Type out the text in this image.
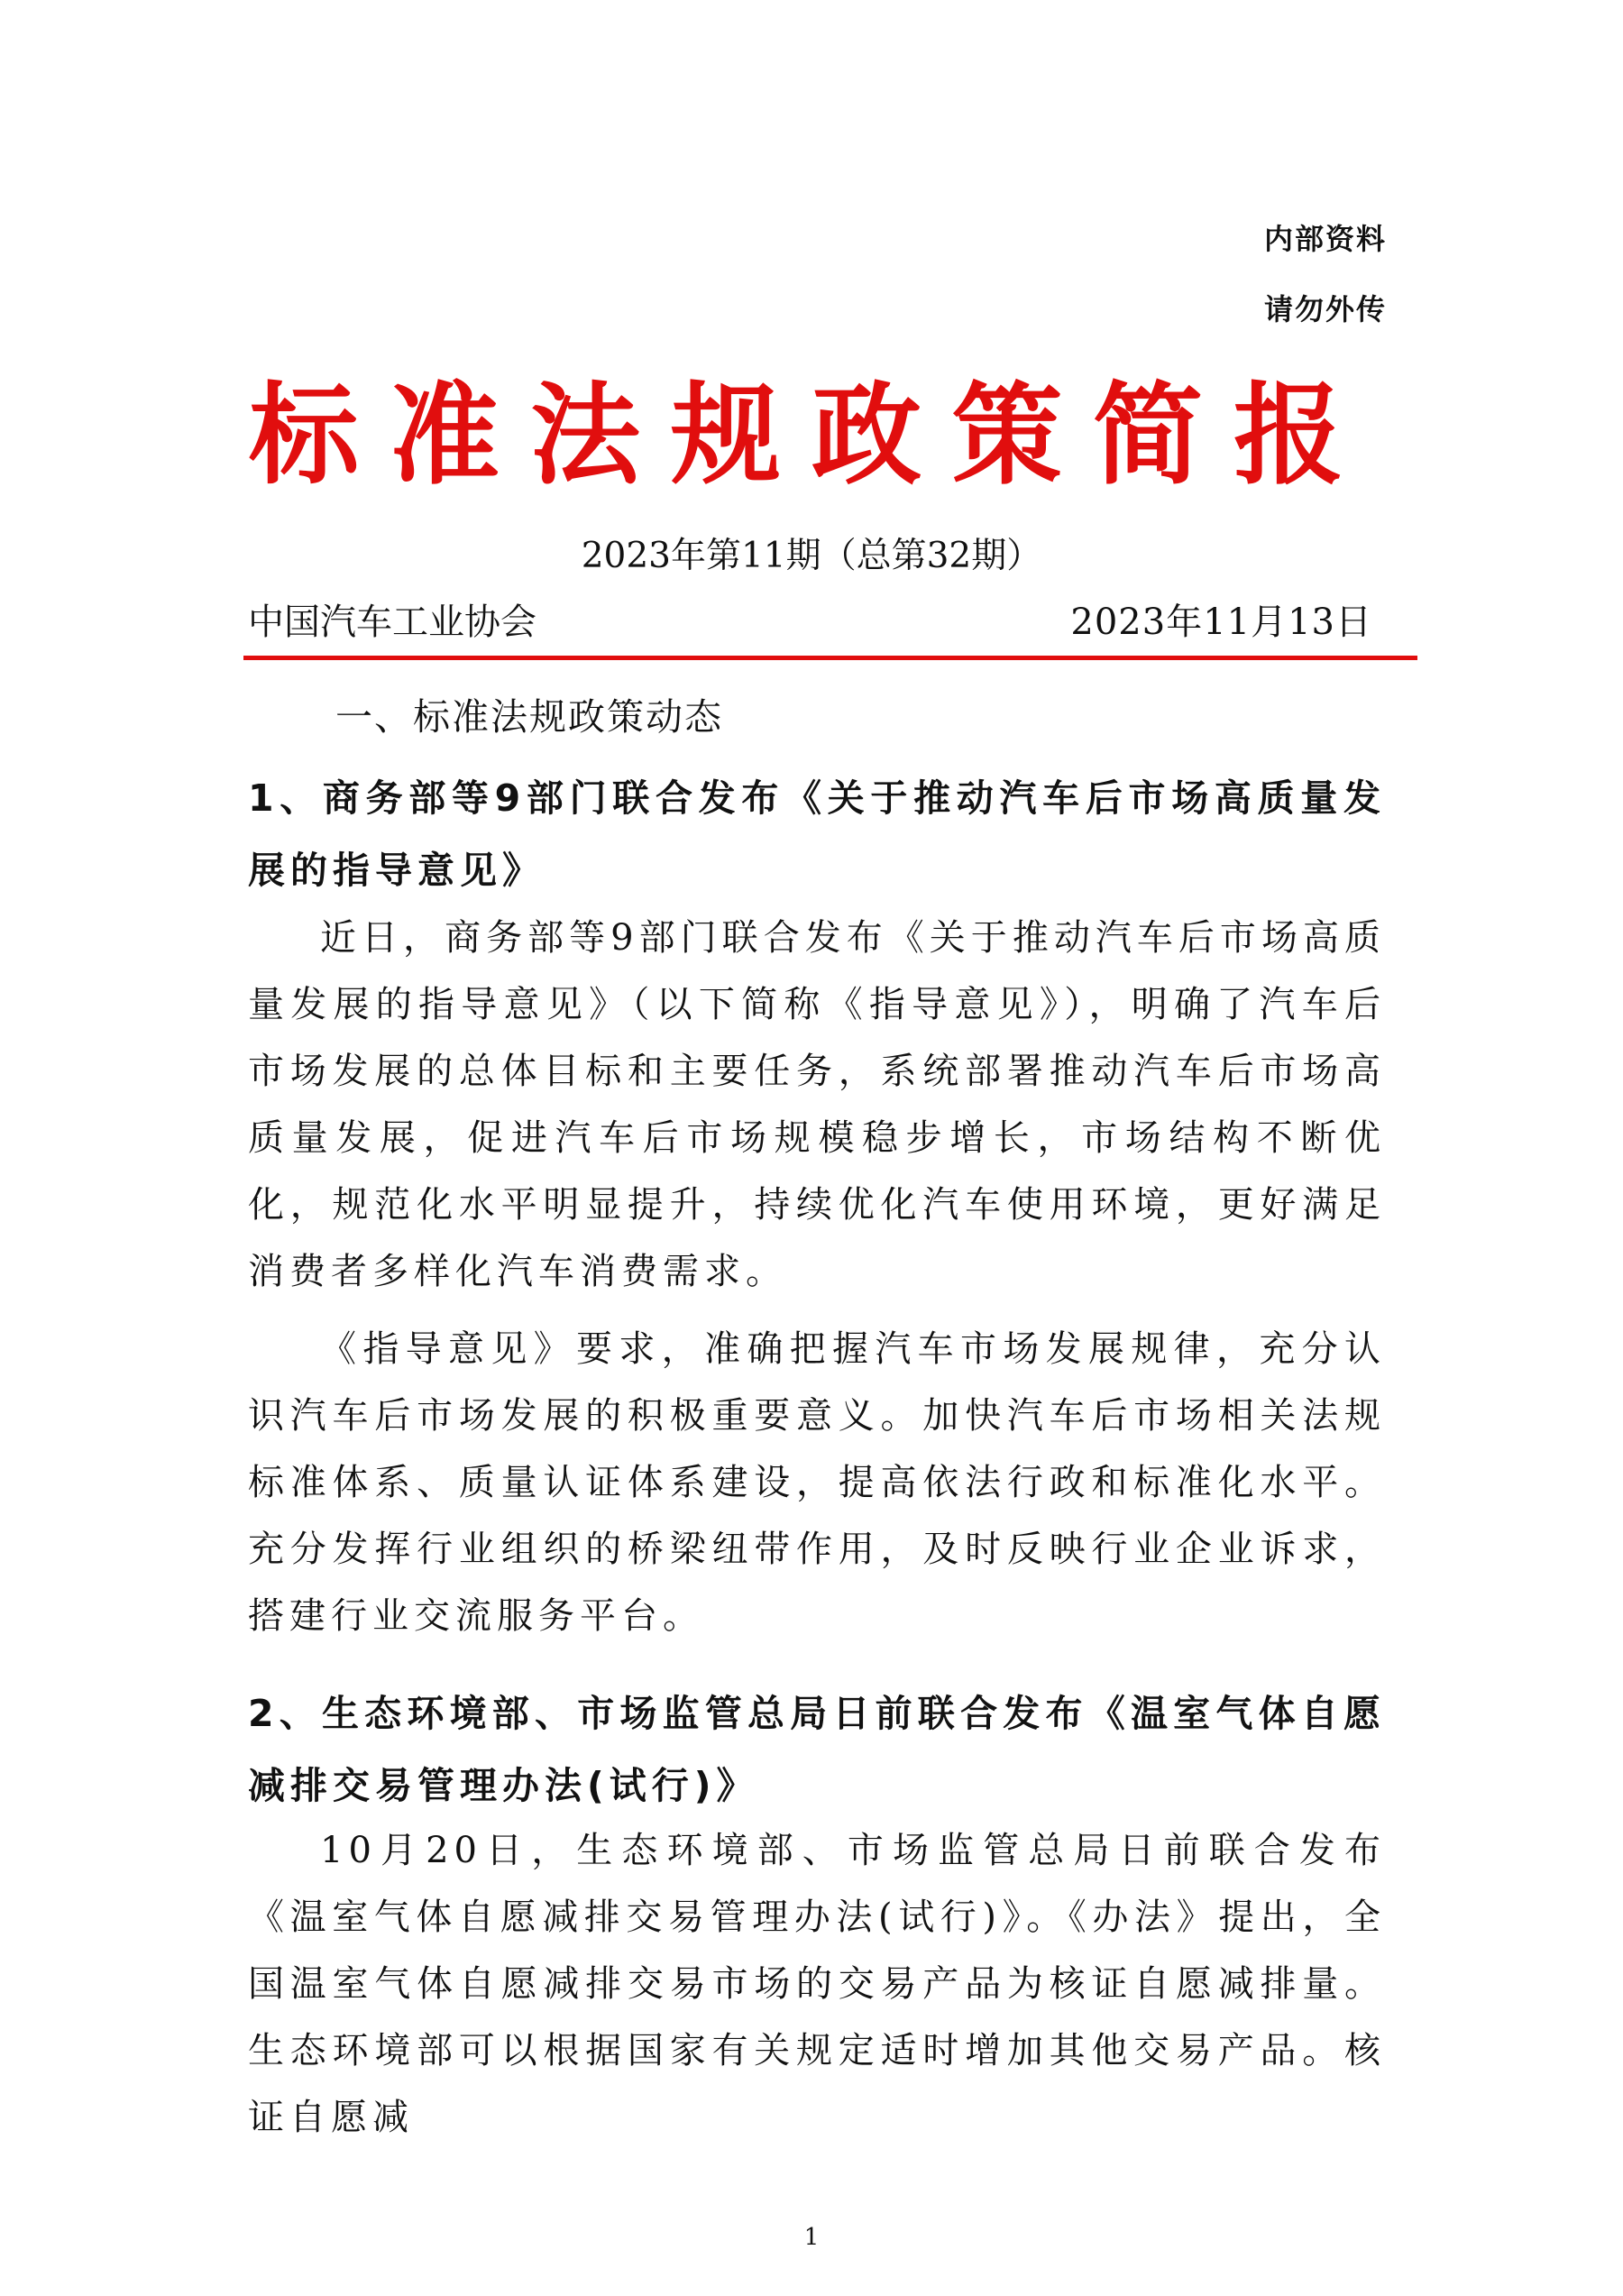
内部资料
请勿外传
标准法规政策简报
2023年第11期（总第32期）
中国汽车工业协会	2023年11月13日
一、标准法规政策动态
1、商务部等9部门联合发布《关于推动汽车后市场高质量发展的指导意见》

近日，商务部等9部门联合发布《关于推动汽车后市场高质量发展的指导意见》（以下简称《指导意见》），明确了汽车后市场发展的总体目标和主要任务，系统部署推动汽车后市场高质量发展，促进汽车后市场规模稳步增长，市场结构不断优化，规范化水平明显提升，持续优化汽车使用环境，更好满足消费者多样化汽车消费需求。

《指导意见》要求，准确把握汽车市场发展规律，充分认识汽车后市场发展的积极重要意义。加快汽车后市场相关法规标准体系、质量认证体系建设，提高依法行政和标准化水平。充分发挥行业组织的桥梁纽带作用，及时反映行业企业诉求，搭建行业交流服务平台。

2、生态环境部、市场监管总局日前联合发布《温室气体自愿减排交易管理办法(试行)》

10月20日，生态环境部、市场监管总局日前联合发布《温室气体自愿减排交易管理办法(试行)》。《办法》提出，全国温室气体自愿减排交易市场的交易产品为核证自愿减排量。生态环境部可以根据国家有关规定适时增加其他交易产品。核证自愿减

1
